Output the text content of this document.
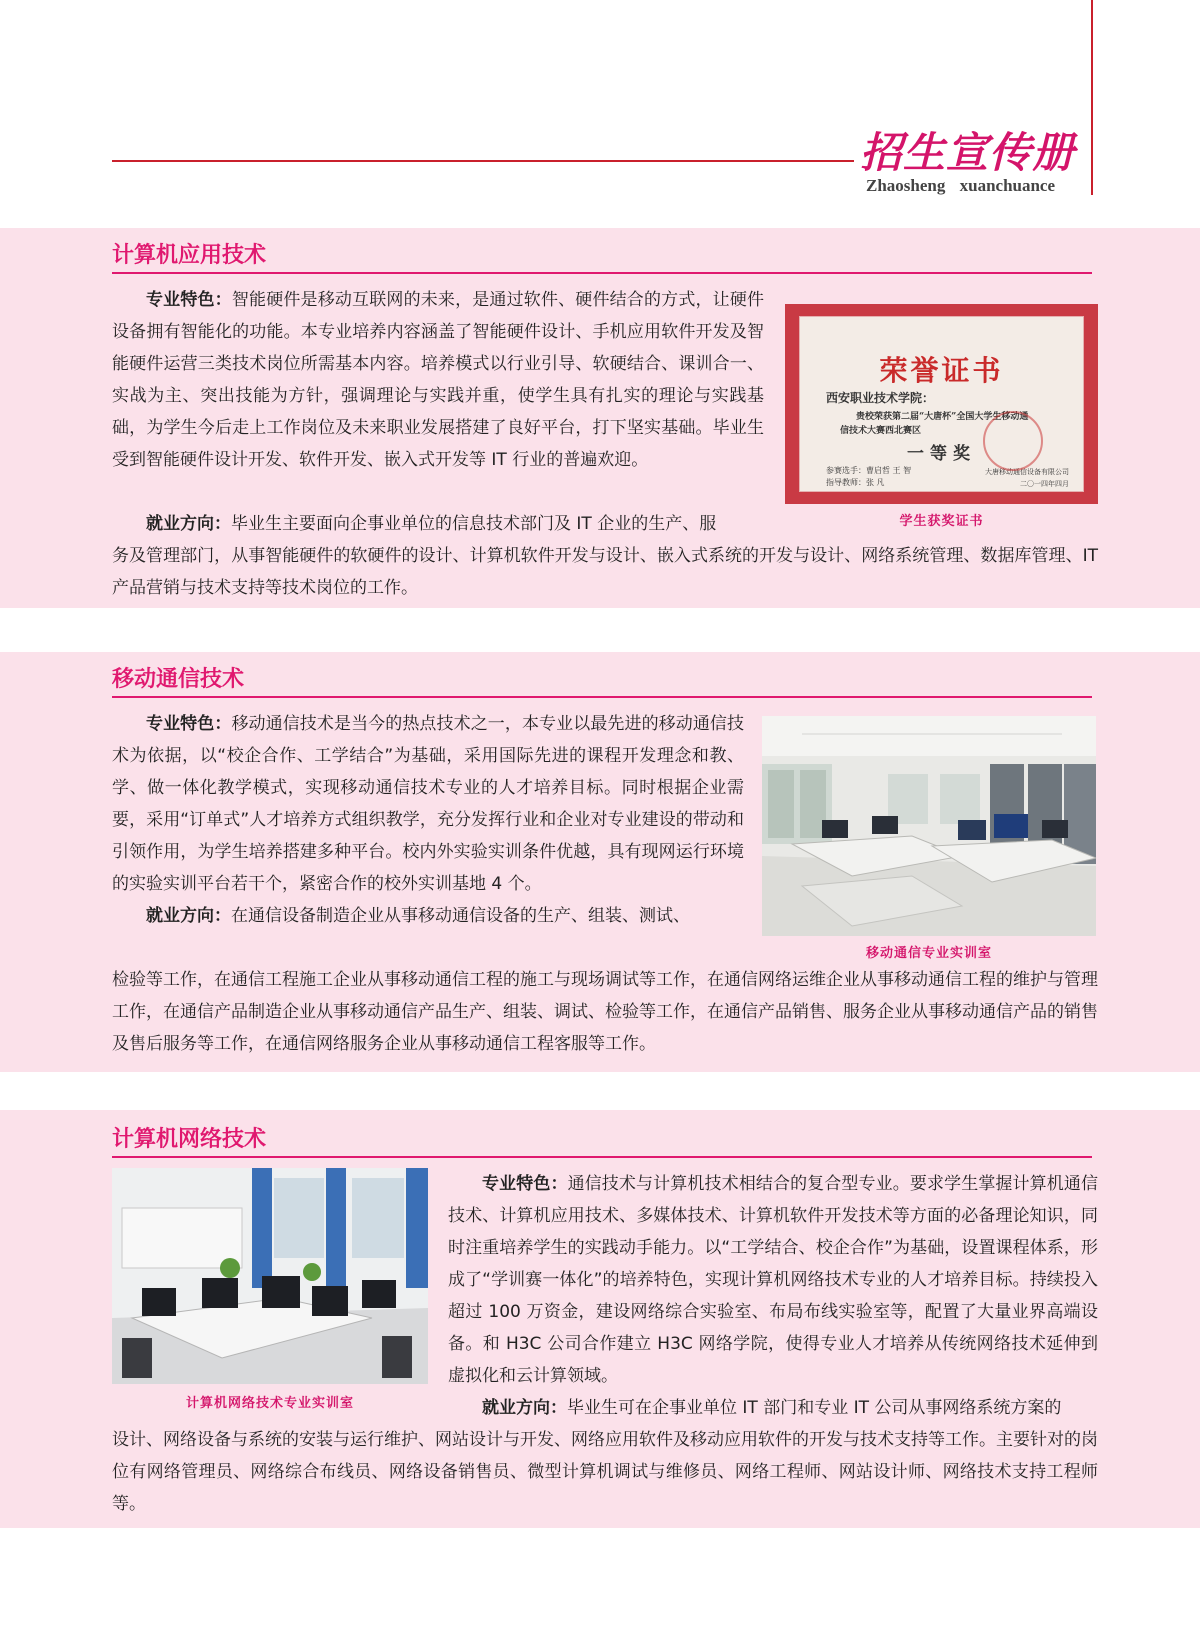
招生宣传册
Zhaosheng xuanchuance
计算机应用技术
专业特色：智能硬件是移动互联网的未来，是通过软件、硬件结合的方式，让硬件设备拥有智能化的功能。本专业培养内容涵盖了智能硬件设计、手机应用软件开发及智能硬件运营三类技术岗位所需基本内容。培养模式以行业引导、软硬结合、课训合一、实战为主、突出技能为方针，强调理论与实践并重，使学生具有扎实的理论与实践基础，为学生今后走上工作岗位及未来职业发展搭建了良好平台，打下坚实基础。毕业生受到智能硬件设计开发、软件开发、嵌入式开发等 IT 行业的普遍欢迎。
荣誉证书
西安职业技术学院：
贵校荣获第二届“大唐杯”全国大学生移动通
信技术大赛西北赛区
一等奖
参赛选手：曹启哲 王 智
指导教师：张 凡
大唐移动通信设备有限公司
二〇一四年四月
学生获奖证书
就业方向：毕业生主要面向企事业单位的信息技术部门及 IT 企业的生产、服
务及管理部门，从事智能硬件的软硬件的设计、计算机软件开发与设计、嵌入式系统的开发与设计、网络系统管理、数据库管理、IT 产品营销与技术支持等技术岗位的工作。
移动通信技术
专业特色：移动通信技术是当今的热点技术之一，本专业以最先进的移动通信技术为依据，以“校企合作、工学结合”为基础，采用国际先进的课程开发理念和教、学、做一体化教学模式，实现移动通信技术专业的人才培养目标。同时根据企业需要，采用“订单式”人才培养方式组织教学，充分发挥行业和企业对专业建设的带动和引领作用，为学生培养搭建多种平台。校内外实验实训条件优越，具有现网运行环境的实验实训平台若干个，紧密合作的校外实训基地 4 个。
移动通信专业实训室
就业方向：在通信设备制造企业从事移动通信设备的生产、组装、测试、
检验等工作，在通信工程施工企业从事移动通信工程的施工与现场调试等工作，在通信网络运维企业从事移动通信工程的维护与管理工作，在通信产品制造企业从事移动通信产品生产、组装、调试、检验等工作，在通信产品销售、服务企业从事移动通信产品的销售及售后服务等工作，在通信网络服务企业从事移动通信工程客服等工作。
计算机网络技术
计算机网络技术专业实训室
专业特色：通信技术与计算机技术相结合的复合型专业。要求学生掌握计算机通信技术、计算机应用技术、多媒体技术、计算机软件开发技术等方面的必备理论知识，同时注重培养学生的实践动手能力。以“工学结合、校企合作”为基础，设置课程体系，形成了“学训赛一体化”的培养特色，实现计算机网络技术专业的人才培养目标。持续投入超过 100 万资金，建设网络综合实验室、布局布线实验室等，配置了大量业界高端设备。和 H3C 公司合作建立 H3C 网络学院，使得专业人才培养从传统网络技术延伸到虚拟化和云计算领域。
就业方向：毕业生可在企事业单位 IT 部门和专业 IT 公司从事网络系统方案的
设计、网络设备与系统的安装与运行维护、网站设计与开发、网络应用软件及移动应用软件的开发与技术支持等工作。主要针对的岗位有网络管理员、网络综合布线员、网络设备销售员、微型计算机调试与维修员、网络工程师、网站设计师、网络技术支持工程师等。
